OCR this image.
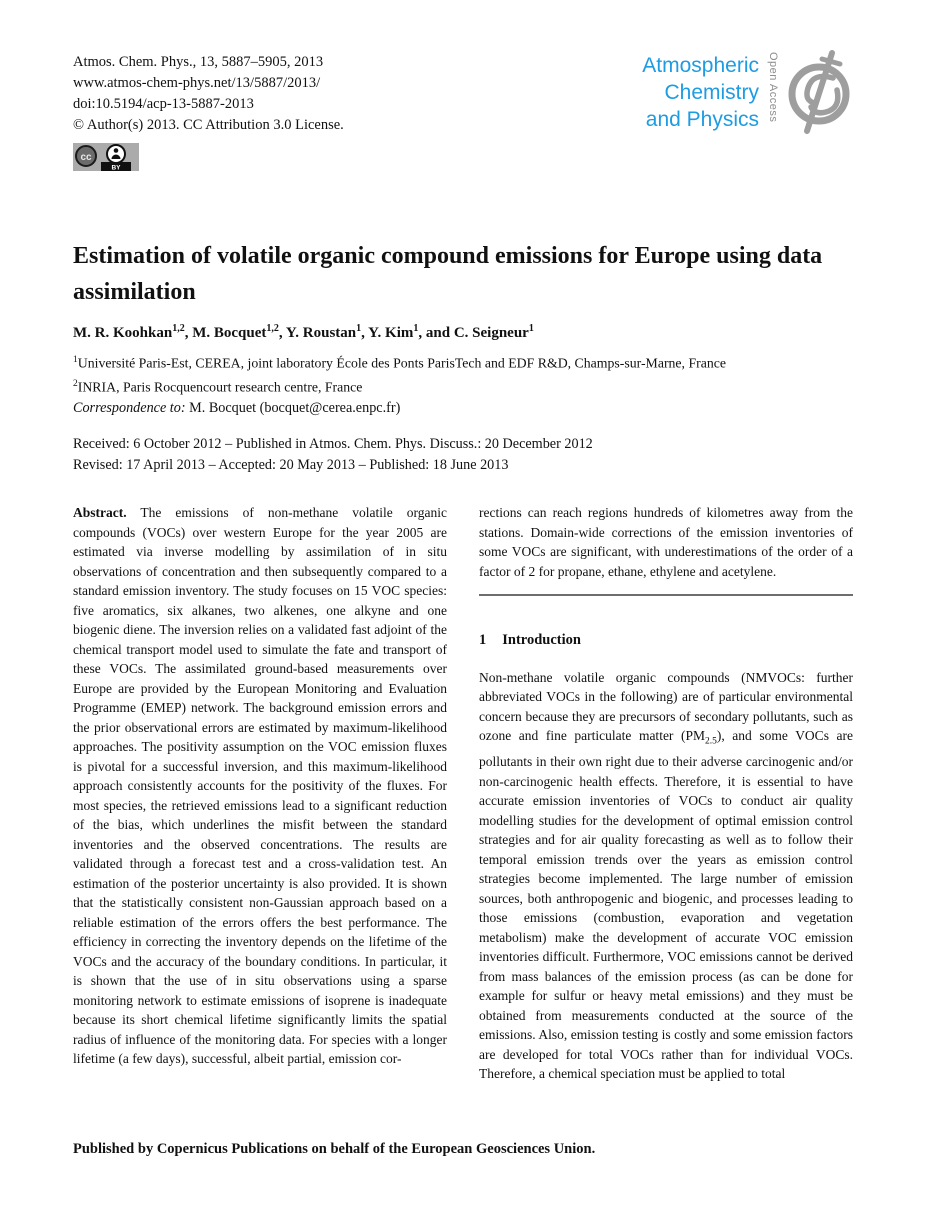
Atmos. Chem. Phys., 13, 5887–5905, 2013
www.atmos-chem-phys.net/13/5887/2013/
doi:10.5194/acp-13-5887-2013
© Author(s) 2013. CC Attribution 3.0 License.
cc
BY
Atmospheric
Chemistry
and Physics Open Access
Estimation of volatile organic compound emissions for Europe using data assimilation
M. R. Koohkan$^{1,2}$, M. Bocquet$^{1,2}$, Y. Roustan$^1$, Y. Kim$^1$, and C. Seigneur$^1$
$^1$Université Paris-Est, CEREA, joint laboratory École des Ponts ParisTech and EDF R&D, Champs-sur-Marne, France
$^2$INRIA, Paris Rocquencourt research centre, France
Correspondence to: M. Bocquet (bocquet@cerea.enpc.fr)
Received: 6 October 2012 – Published in Atmos. Chem. Phys. Discuss.: 20 December 2012
Revised: 17 April 2013 – Accepted: 20 May 2013 – Published: 18 June 2013
Abstract. The emissions of non-methane volatile organic compounds (VOCs) over western Europe for the year 2005 are estimated via inverse modelling by assimilation of in situ observations of concentration and then subsequently compared to a standard emission inventory. The study focuses on 15 VOC species: five aromatics, six alkanes, two alkenes, one alkyne and one biogenic diene. The inversion relies on a validated fast adjoint of the chemical transport model used to simulate the fate and transport of these VOCs. The assimilated ground-based measurements over Europe are provided by the European Monitoring and Evaluation Programme (EMEP) network. The background emission errors and the prior observational errors are estimated by maximum-likelihood approaches. The positivity assumption on the VOC emission fluxes is pivotal for a successful inversion, and this maximum-likelihood approach consistently accounts for the positivity of the fluxes. For most species, the retrieved emissions lead to a significant reduction of the bias, which underlines the misfit between the standard inventories and the observed concentrations. The results are validated through a forecast test and a cross-validation test. An estimation of the posterior uncertainty is also provided. It is shown that the statistically consistent non-Gaussian approach based on a reliable estimation of the errors offers the best performance. The efficiency in correcting the inventory depends on the lifetime of the VOCs and the accuracy of the boundary conditions. In particular, it is shown that the use of in situ observations using a sparse monitoring network to estimate emissions of isoprene is inadequate because its short chemical lifetime significantly limits the spatial radius of influence of the monitoring data. For species with a longer lifetime (a few days), successful, albeit partial, emission cor-
rections can reach regions hundreds of kilometres away from the stations. Domain-wide corrections of the emission inventories of some VOCs are significant, with underestimations of the order of a factor of 2 for propane, ethane, ethylene and acetylene.
1 Introduction
Non-methane volatile organic compounds (NMVOCs: further abbreviated VOCs in the following) are of particular environmental concern because they are precursors of secondary pollutants, such as ozone and fine particulate matter $(PM_{2.5})$, and some VOCs are pollutants in their own right due to their adverse carcinogenic and/or non-carcinogenic health effects. Therefore, it is essential to have accurate emission inventories of VOCs to conduct air quality modelling studies for the development of optimal emission control strategies and for air quality forecasting as well as to follow their temporal emission trends over the years as emission control strategies become implemented. The large number of emission sources, both anthropogenic and biogenic, and processes leading to those emissions (combustion, evaporation and vegetation metabolism) make the development of accurate VOC emission inventories difficult. Furthermore, VOC emissions cannot be derived from mass balances of the emission process (as can be done for example for sulfur or heavy metal emissions) and they must be obtained from measurements conducted at the source of the emissions. Also, emission testing is costly and some emission factors are developed for total VOCs rather than for individual VOCs. Therefore, a chemical speciation must be applied to total
Published by Copernicus Publications on behalf of the European Geosciences Union.
